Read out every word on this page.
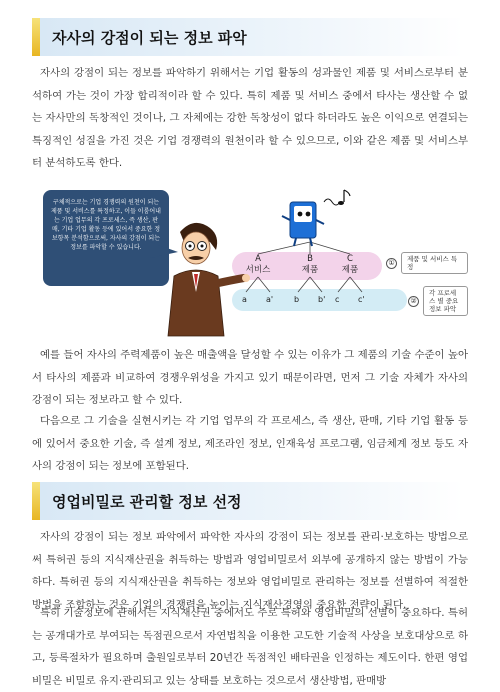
자사의 강점이 되는 정보 파악

자사의 강점이 되는 정보를 파악하기 위해서는 기업 활동의 성과물인 제품 및 서비스로부터 분석하여 가는 것이 가장 합리적이라 할 수 있다. 특히 제품 및 서비스 중에서 타사는 생산할 수 없는 자사만의 독창적인 것이나, 그 자체에는 강한 독창성이 없다 하더라도 높은 이익으로 연결되는 특징적인 성질을 가진 것은 기업 경쟁력의 원천이라 할 수 있으므로, 이와 같은 제품 및 서비스부터 분석하도록 한다.

구체적으로는 기업 경쟁력의 원천이 되는 제품 및 서비스를 특정하고, 이들 이룸어내는 기업 업무의 각 프로세스, 즉 생산, 판매, 기타 기업 활동 등에 있어서 중요한 정보항목 분석함으로써, 자사의 강점이 되는 정보를 파악할 수 있습니다.
A
서비스
B
제품
C
제품
a a'	b b' c c'
①	제품 및 서비스 특정
②
각 프로세스 별 중요 정보 파악

예를 들어 자사의 주력제품이 높은 매출액을 달성할 수 있는 이유가 그 제품의 기술 수준이 높아서 타사의 제품과 비교하여 경쟁우위성을 가지고 있기 때문이라면, 먼저 그 기술 자체가 자사의 강점이 되는 정보라고 할 수 있다.

다음으로 그 기술을 실현시키는 각 기업 업무의 각 프로세스, 즉 생산, 판매, 기타 기업 활동 등에 있어서 중요한 기술, 즉 설계 정보, 제조라인 정보, 인재육성 프로그램, 임금체계 정보 등도 자사의 강점이 되는 정보에 포함된다.

영업비밀로 관리할 정보 선정

자사의 강점이 되는 정보 파악에서 파악한 자사의 강점이 되는 정보를 관리·보호하는 방법으로써 특허권 등의 지식재산권을 취득하는 방법과 영업비밀로서 외부에 공개하지 않는 방법이 가능하다. 특허권 등의 지식재산권을 취득하는 정보와 영업비밀로 관리하는 정보를 선별하여 적절한 방법을 조합하는 것은 기업의 경쟁력을 높이는 지식재산경영의 중요한 전략이 된다.

특히 기술정보에 관해서는 지식재산권 중에서도 주로 특허와 영업비밀의 선별이 중요하다. 특허는 공개대가로 부여되는 독점권으로서 자연법칙을 이용한 고도한 기술적 사상을 보호대상으로 하고, 등록절차가 필요하며 출원일로부터 20년간 독점적인 배타권을 인정하는 제도이다. 한편 영업비밀은 비밀로 유지·관리되고 있는 상태를 보호하는 것으로서 생산방법, 판매방
